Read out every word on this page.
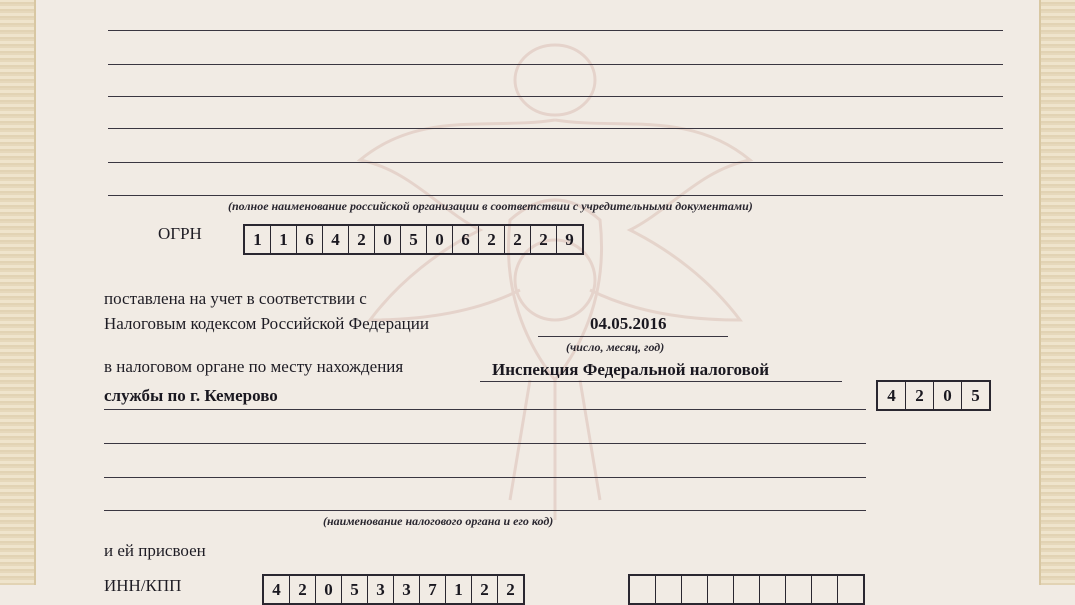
(полное наименование российской организации в соответствии с учредительными документами)
ОГРН	1	1	6	4	2	0	5	0	6	2	2	2	9
поставлена на учет в соответствии с
Налоговым кодексом Российской Федерации	04.05.2016
(число, месяц, год)
в налоговом органе по месту нахождения	Инспекция Федеральной налоговой
службы по г. Кемерово	4	2	0	5
(наименование налогового органа и его код)
и ей присвоен
ИНН/КПП	4	2	0	5	3	3	7	1	2	2
